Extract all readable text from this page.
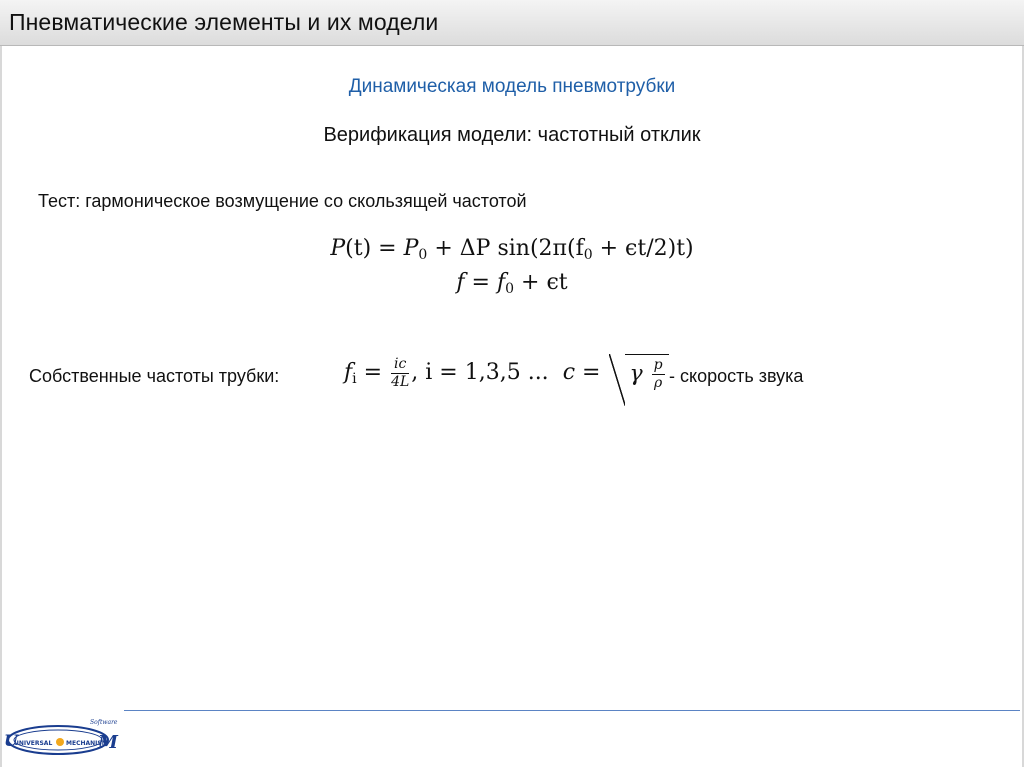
Пневматические элементы и их модели
Динамическая модель пневмотрубки
Верификация модели: частотный отклик
Тест: гармоническое возмущение со скользящей частотой
$P(t) = P_0 + \Delta P$ $\sin(2\pi(f_0 + \epsilon t/2)t)$
$f = f_0 + \epsilon t$
Собственные частоты трубки:	$f_i = \frac{ic}{4L}$ , i = 1,3,5 ... c = γ $\frac{p}{\rho}$ - скорость звука
U
UNIVERSAL MECHANISM
M
Software
